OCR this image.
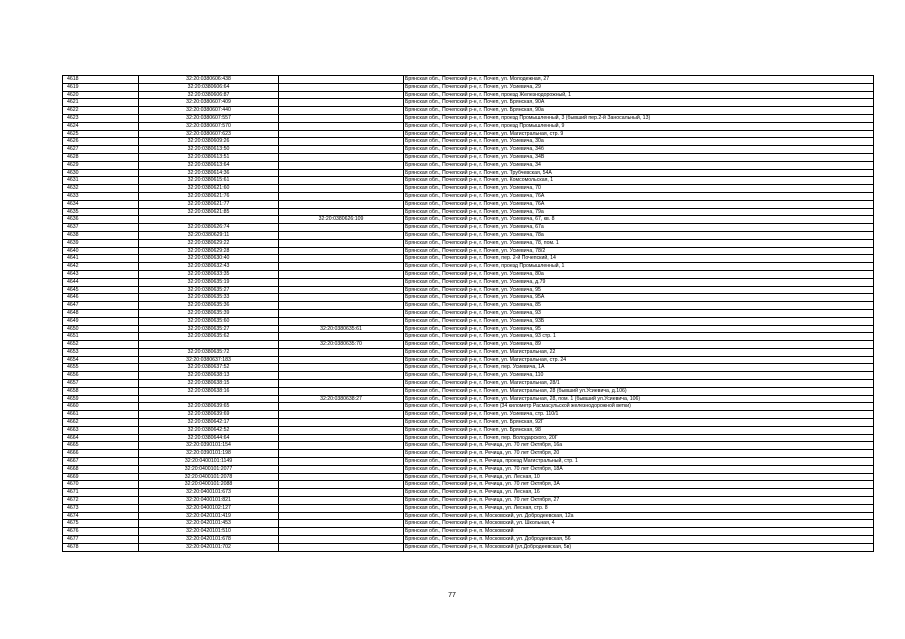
4618	32:20:0380606:438		Брянская обл., Почепский р-н, г. Почеп, ул. Молодежная, 27
4619	32:20:0380606:64		Брянская обл., Почепский р-н, г. Почеп, ул. Усиевича, 29
4620	32:20:0380606:87		Брянская обл., Почепский р-н, г. Почеп, проезд Железнодорожный, 1
4621	32:20:0380607:409		Брянская обл., Почепский р-н, г. Почеп, ул. Брянская, 90А
4622	32:20:0380607:440		Брянская обл., Почепский р-н, г. Почеп, ул. Брянская, 90а
4623	32:20:0380607:557		Брянская обл., Почепский р-н, г. Почеп, проезд Промышленный, 3 (бывший пер.2-й Заносальный, 13)
4624	32:20:0380607:570		Брянская обл., Почепский р-н, г. Почеп, проезд Промышленный, 9
4625	32:20:0380607:623		Брянская обл., Почепский р-н, г. Почеп, ул. Магистральная, стр. 9
4626	32:20:0380609:26		Брянская обл., Почепский р-н, г. Почеп, ул. Усиевича, 30а
4627	32:20:0380613:50		Брянская обл., Почепский р-н, г. Почеп, ул. Усиевича, 34б
4628	32:20:0380613:51		Брянская обл., Почепский р-н, г. Почеп, ул. Усиевича, 34В
4629	32:20:0380613:64		Брянская обл., Почепский р-н, г. Почеп, ул. Усиевича, 34
4630	32:20:0380614:36		Брянская обл., Почепский р-н, г. Почеп, ул. Трубчевская, 54А
4631	32:20:0380615:61		Брянская обл., Почепский р-н, г. Почеп, ул. Комсомольская, 1
4632	32:20:0380621:60		Брянская обл., Почепский р-н, г. Почеп, ул. Усиевича, 70
4633	32:20:0380621:76		Брянская обл., Почепский р-н, г. Почеп, ул. Усиевича, 76А
4634	32:20:0380621:77		Брянская обл., Почепский р-н, г. Почеп, ул. Усиевича, 76А
4635	32:20:0380621:85		Брянская обл., Почепский р-н, г. Почеп, ул. Усиевича, 79а
4636		32:20:0380626:109	Брянская обл., Почепский р-н, г. Почеп, ул. Усиевича, 67, кв. 8
4637	32:20:0380626:74		Брянская обл., Почепский р-н, г. Почеп, ул. Усиевича, 67а
4638	32:20:0380629:11		Брянская обл., Почепский р-н, г. Почеп, ул. Усиевича, 78а
4639	32:20:0380629:22		Брянская обл., Почепский р-н, г. Почеп, ул. Усиевича, 78, пом. 1
4640	32:20:0380629:28		Брянская обл., Почепский р-н, г. Почеп, ул. Усиевича, 78/2
4641	32:20:0380630:40		Брянская обл., Почепский р-н, г. Почеп, пер. 2-й Почепский, 14
4642	32:20:0380632:43		Брянская обл., Почепский р-н, г. Почеп, проезд Промышленный, 1
4643	32:20:0380633:35		Брянская обл., Почепский р-н, г. Почеп, ул. Усиевича, 80а
4644	32:20:0380635:19		Брянская обл., Почепский р-н, г. Почеп, ул. Усиевича, д.79
4645	32:20:0380635:27		Брянская обл., Почепский р-н, г. Почеп, ул. Усиевича, 95
4646	32:20:0380635:33		Брянская обл., Почепский р-н, г. Почеп, ул. Усиевича, 95А
4647	32:20:0380635:36		Брянская обл., Почепский р-н, г. Почеп, ул. Усиевича, 85
4648	32:20:0380635:39		Брянская обл., Почепский р-н, г. Почеп, ул. Усиевича, 93
4649	32:20:0380635:60		Брянская обл., Почепский р-н, г. Почеп, ул. Усиевича, 93Б
4650	32:20:0380635:27	32:20:0380635:61	Брянская обл., Почепский р-н, г. Почеп, ул. Усиевича, 95
4651	32:20:0380635:62		Брянская обл., Почепский р-н, г. Почеп, ул. Усиевича, 93 стр. 1
4652		32:20:0380635:70	Брянская обл., Почепский р-н, г. Почеп, ул. Усиевича, 89
4653	32:20:0380635:72		Брянская обл., Почепский р-н, г. Почеп, ул. Магистральная, 22
4654	32:20:0380637:183		Брянская обл., Почепский р-н, г. Почеп, ул. Магистральная, стр. 24
4655	32:20:0380637:52		Брянская обл., Почепский р-н, г. Почеп, пер. Усиевича, 1А
4656	32:20:0380638:13		Брянская обл., Почепский р-н, г. Почеп, ул. Усиевича, 110
4657	32:20:0380638:15		Брянская обл., Почепский р-н, г. Почеп, ул. Магистральная, 28/1
4658	32:20:0380638:16		Брянская обл., Почепский р-н, г. Почеп, ул. Магистральная, 28 (бывший ул.Усиевича, д.106)
4659		32:20:0380638:27	Брянская обл., Почепский р-н, г. Почеп, ул. Магистральная, 28, пом. 1 (бывший ул.Усиевича, 106)
4660	32:20:0380639:65		Брянская обл., Почепский р-н, г. Почеп (34 километр Расмасульской железнодорожной ветки)
4661	32:20:0380639:69		Брянская обл., Почепский р-н, г. Почеп, ул. Усиевича, стр. 110/1
4662	32:20:0380642:17		Брянская обл., Почепский р-н, г. Почеп, ул. Брянская, 92Г
4663	32:20:0380642:52		Брянская обл., Почепский р-н, г. Почеп, ул. Брянская, 98
4664	32:20:0380644:64		Брянская обл., Почепский р-н, г. Почеп, пер. Володарского, 20Г
4665	32:20:0390101:154		Брянская обл., Почепский р-н, п. Речица, ул. 70 лет Октября, 16а
4666	32:20:0390101:198		Брянская обл., Почепский р-н, п. Речица, ул. 70 лет Октября, 20
4667	32:20:0400101:1149		Брянская обл., Почепский р-н, п. Речица, проезд Магистральный, стр. 1
4668	32:20:0400101:2077		Брянская обл., Почепский р-н, п. Речица, ул. 70 лет Октября, 18А
4669	32:20:0400101:2078		Брянская обл., Почепский р-н, п. Речица, ул. Лесная, 10
4670	32:20:0400101:2088		Брянская обл., Почепский р-н, п. Речица, ул. 70 лет Октября, 3А
4671	32:20:0400101:673		Брянская обл., Почепский р-н, п. Речица, ул. Лесная, 16
4672	32:20:0400101:821		Брянская обл., Почепский р-н, п. Речица, ул. 70 лет Октября, 27
4673	32:20:0400102:127		Брянская обл., Почепский р-н, п. Речица, ул. Лесная, стр. 8
4674	32:20:0420101:419		Брянская обл., Почепский р-н, п. Московский, ул. Добродеевская, 12а
4675	32:20:0420101:453		Брянская обл., Почепский р-н, п. Московский, ул. Школьная, 4
4676	32:20:0420101:510		Брянская обл., Почепский р-н, п. Московский
4677	32:20:0420101:678		Брянская обл., Почепский р-н, п. Московский, ул. Добродеевская, 56
4678	32:20:0420101:702		Брянская обл., Почепский р-н, п. Московский (ул.Добродеевская, 5в)
77
